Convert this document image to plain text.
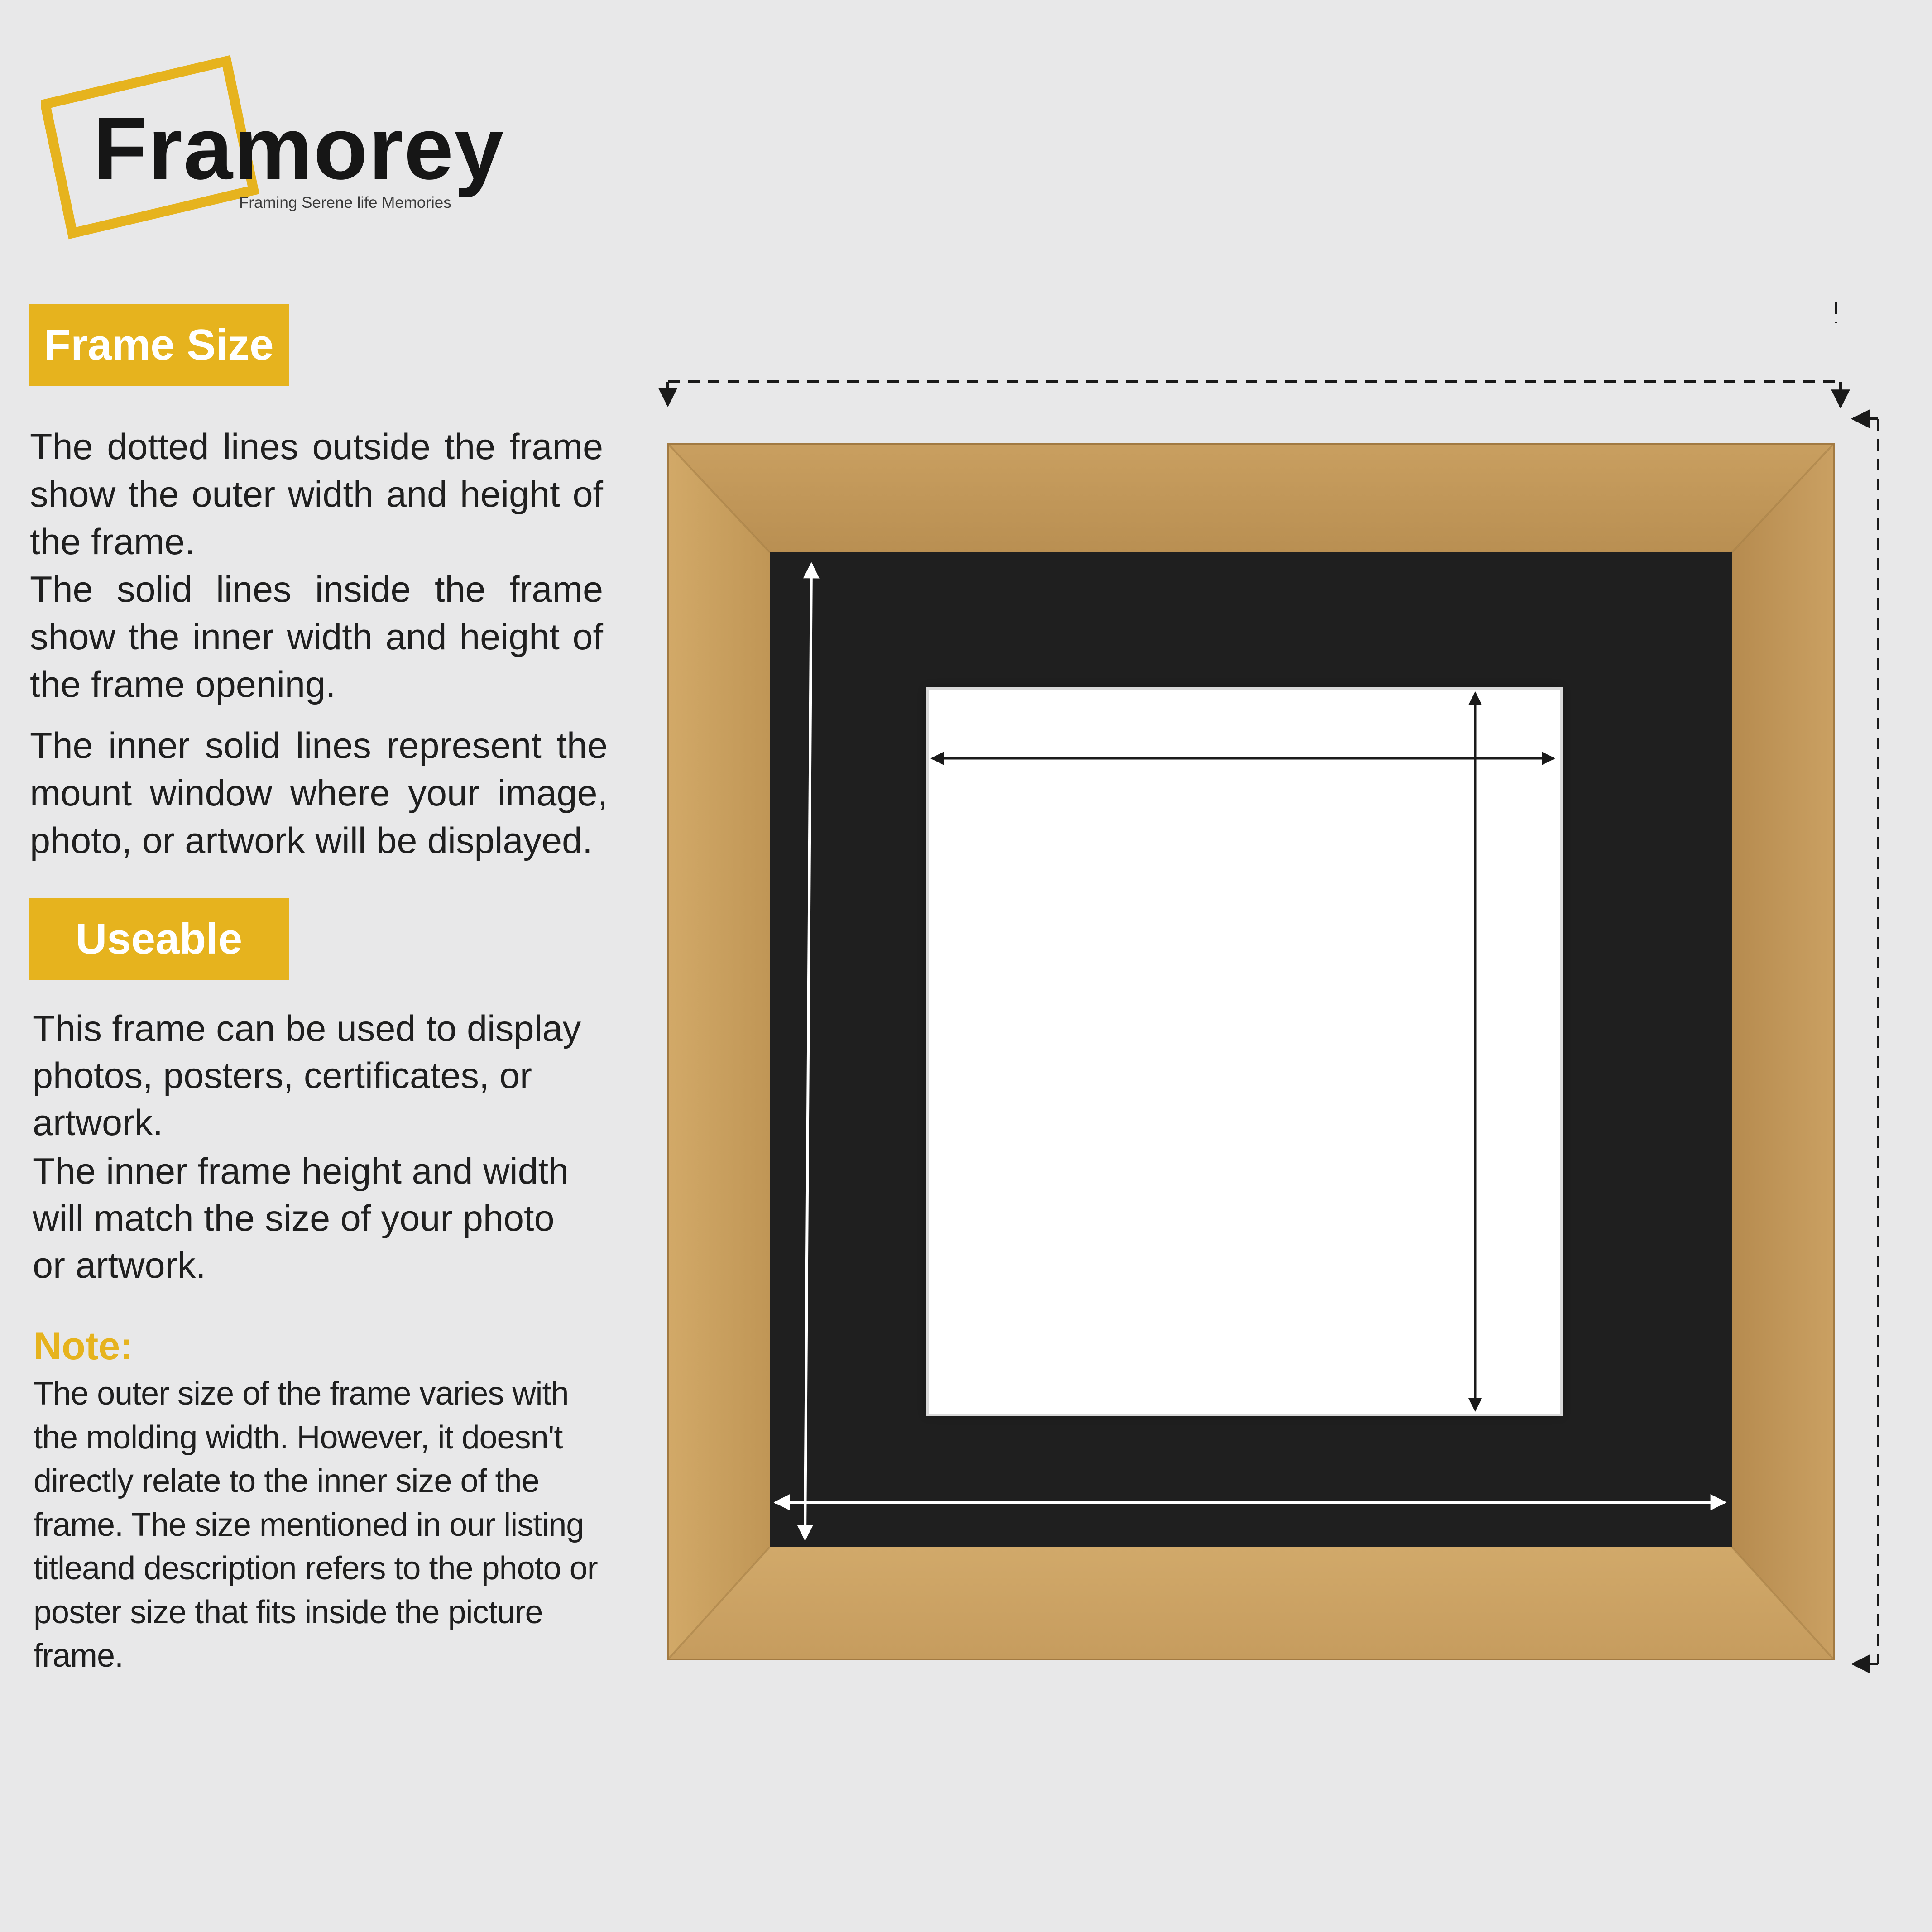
Framorey
Framing Serene life Memories
Frame Size
The dotted lines outside the frame show the outer width and height of the frame.
The solid lines inside the frame show the inner width and height of the frame opening.
The inner solid lines represent the mount window where your image, photo, or artwork will be displayed.
Useable
This frame can be used to display photos, posters, certificates, or artwork.
The inner frame height and width will match the size of your photo or artwork.
Note:
The outer size of the frame varies with the molding width. However, it doesn't directly relate to the inner size of the frame. The size mentioned in our listing titleand description refers to the photo or poster size that fits inside the picture frame.
